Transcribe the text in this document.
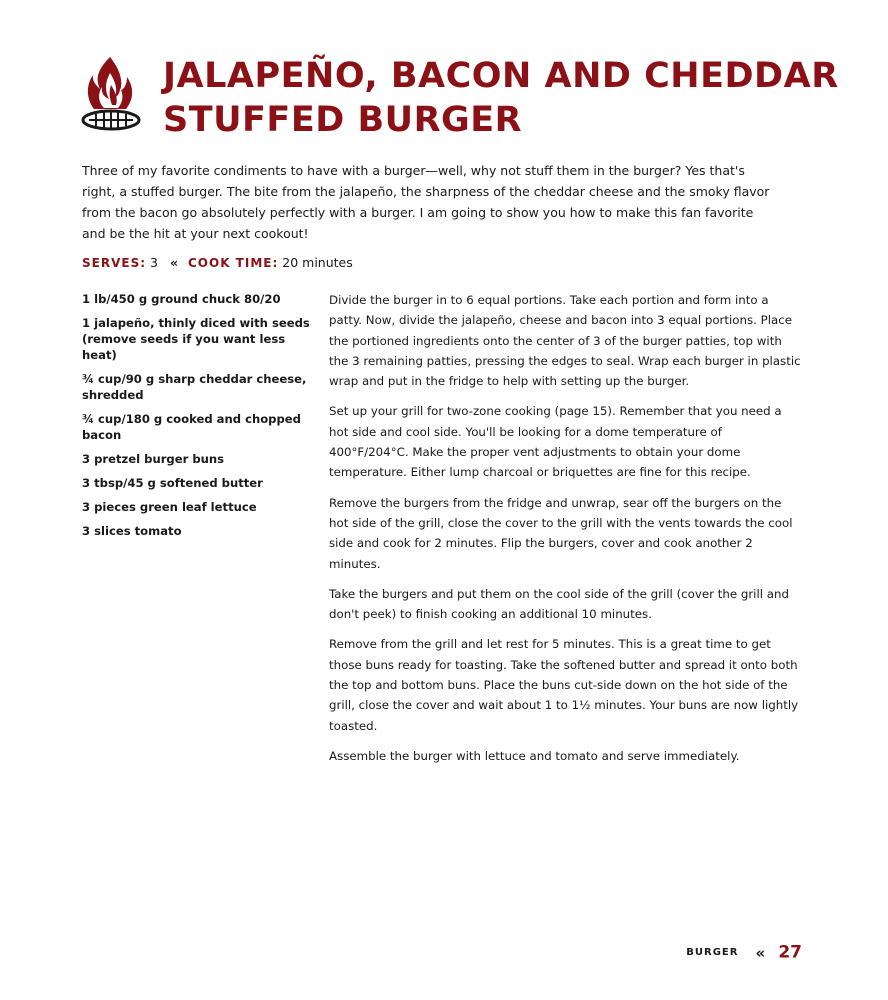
JALAPEÑO, BACON AND CHEDDAR
STUFFED BURGER

Three of my favorite condiments to have with a burger—well, why not stuff them in the burger? Yes that's right, a stuffed burger. The bite from the jalapeño, the sharpness of the cheddar cheese and the smoky flavor from the bacon go absolutely perfectly with a burger. I am going to show you how to make this fan favorite and be the hit at your next cookout!

SERVES: 3 « COOK TIME: 20 minutes
1 lb/450 g ground chuck 80/20
1 jalapeño, thinly diced with seeds (remove seeds if you want less heat)
¾ cup/90 g sharp cheddar cheese, shredded
¾ cup/180 g cooked and chopped bacon
3 pretzel burger buns
3 tbsp/45 g softened butter
3 pieces green leaf lettuce
3 slices tomato

Divide the burger in to 6 equal portions. Take each portion and form into a patty. Now, divide the jalapeño, cheese and bacon into 3 equal portions. Place the portioned ingredients onto the center of 3 of the burger patties, top with the 3 remaining patties, pressing the edges to seal. Wrap each burger in plastic wrap and put in the fridge to help with setting up the burger.

Set up your grill for two-zone cooking (page 15). Remember that you need a hot side and cool side. You'll be looking for a dome temperature of 400°F/204°C. Make the proper vent adjustments to obtain your dome temperature. Either lump charcoal or briquettes are fine for this recipe.

Remove the burgers from the fridge and unwrap, sear off the burgers on the hot side of the grill, close the cover to the grill with the vents towards the cool side and cook for 2 minutes. Flip the burgers, cover and cook another 2 minutes.

Take the burgers and put them on the cool side of the grill (cover the grill and don't peek) to finish cooking an additional 10 minutes.

Remove from the grill and let rest for 5 minutes. This is a great time to get those buns ready for toasting. Take the softened butter and spread it onto both the top and bottom buns. Place the buns cut-side down on the hot side of the grill, close the cover and wait about 1 to 1½ minutes. Your buns are now lightly toasted.

Assemble the burger with lettuce and tomato and serve immediately.

BURGER « 27
